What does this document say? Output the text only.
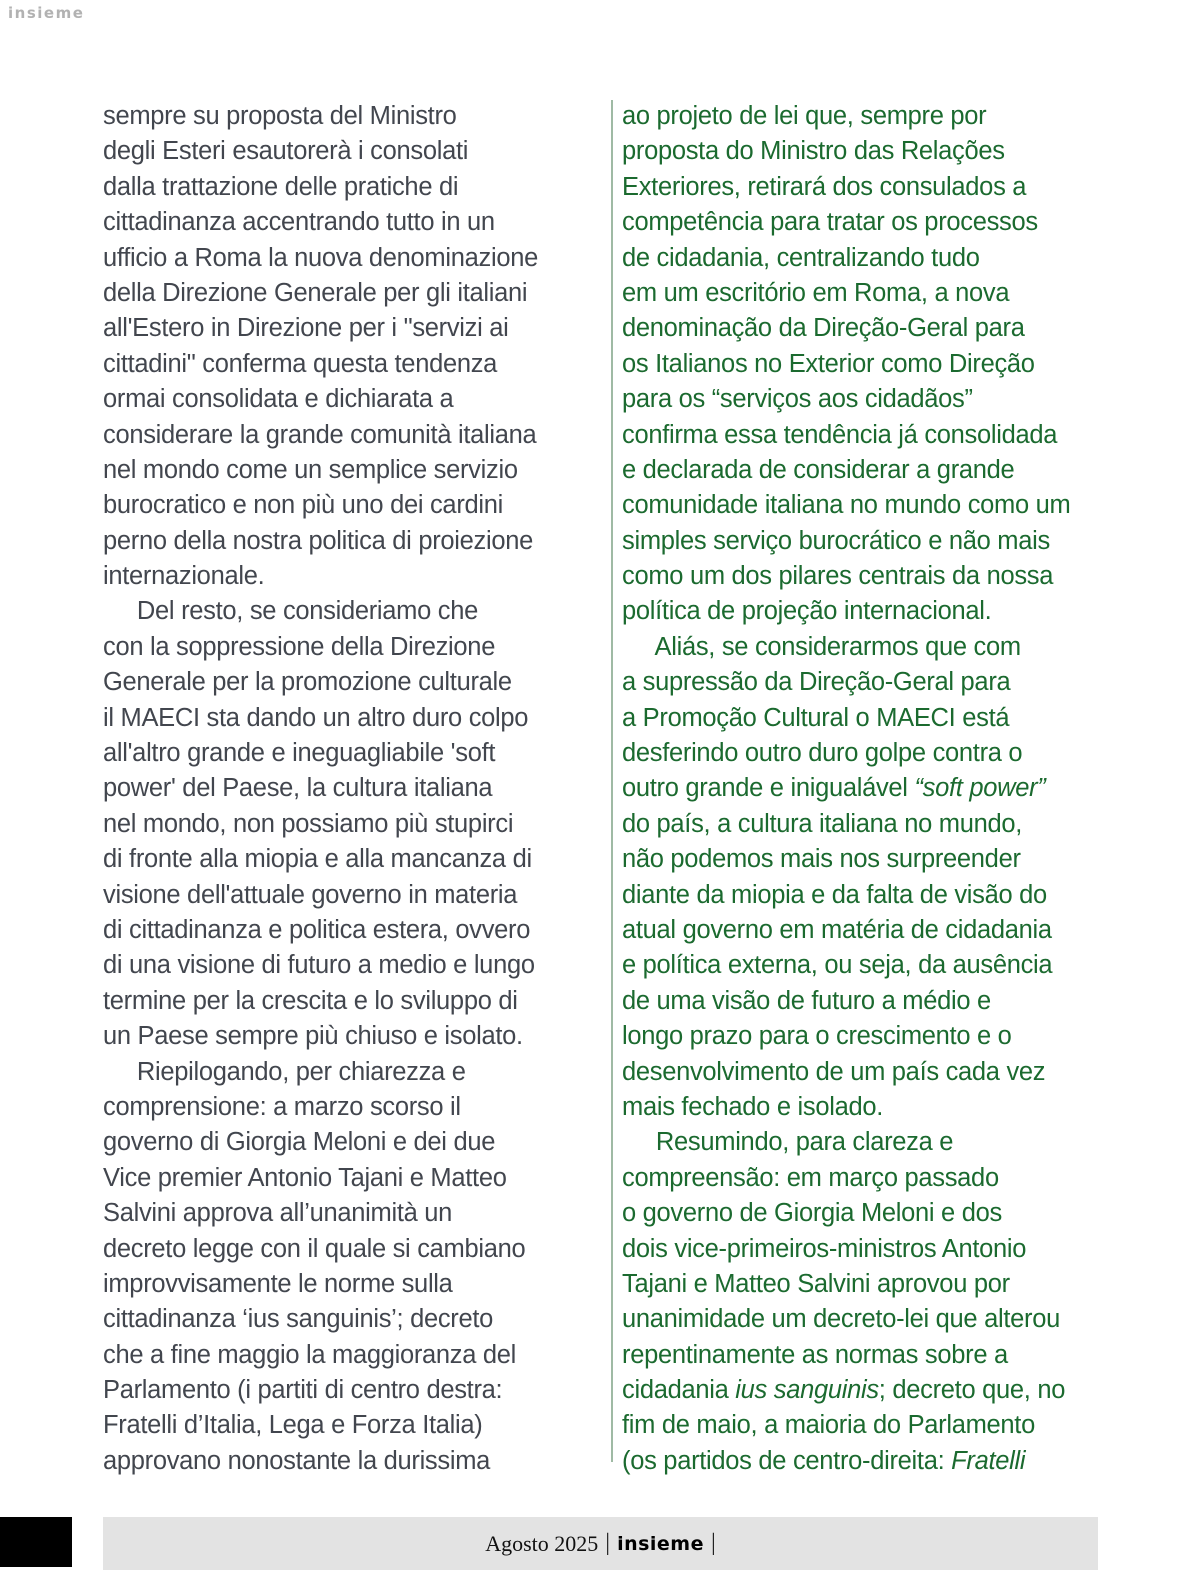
insieme
sempre su proposta del Ministro
degli Esteri esautorerà i consolati
dalla trattazione delle pratiche di
cittadinanza accentrando tutto in un
ufficio a Roma la nuova denominazione
della Direzione Generale per gli italiani
all'Estero in Direzione per i "servizi ai
cittadini" conferma questa tendenza
ormai consolidata e dichiarata a
considerare la grande comunità italiana
nel mondo come un semplice servizio
burocratico e non più uno dei cardini
perno della nostra politica di proiezione
internazionale.
Del resto, se consideriamo che
con la soppressione della Direzione
Generale per la promozione culturale
il MAECI sta dando un altro duro colpo
all'altro grande e ineguagliabile 'soft
power' del Paese, la cultura italiana
nel mondo, non possiamo più stupirci
di fronte alla miopia e alla mancanza di
visione dell'attuale governo in materia
di cittadinanza e politica estera, ovvero
di una visione di futuro a medio e lungo
termine per la crescita e lo sviluppo di
un Paese sempre più chiuso e isolato.
Riepilogando, per chiarezza e
comprensione: a marzo scorso il
governo di Giorgia Meloni e dei due
Vice premier Antonio Tajani e Matteo
Salvini approva all’unanimità un
decreto legge con il quale si cambiano
improvvisamente le norme sulla
cittadinanza ‘ius sanguinis’; decreto
che a fine maggio la maggioranza del
Parlamento (i partiti di centro destra:
Fratelli d’Italia, Lega e Forza Italia)
approvano nonostante la durissima
ao projeto de lei que, sempre por
proposta do Ministro das Relações
Exteriores, retirará dos consulados a
competência para tratar os processos
de cidadania, centralizando tudo
em um escritório em Roma, a nova
denominação da Direção-Geral para
os Italianos no Exterior como Direção
para os “serviços aos cidadãos”
confirma essa tendência já consolidada
e declarada de considerar a grande
comunidade italiana no mundo como um
simples serviço burocrático e não mais
como um dos pilares centrais da nossa
política de projeção internacional.
Aliás, se considerarmos que com
a supressão da Direção-Geral para
a Promoção Cultural o MAECI está
desferindo outro duro golpe contra o
outro grande e inigualável “soft power”
do país, a cultura italiana no mundo,
não podemos mais nos surpreender
diante da miopia e da falta de visão do
atual governo em matéria de cidadania
e política externa, ou seja, da ausência
de uma visão de futuro a médio e
longo prazo para o crescimento e o
desenvolvimento de um país cada vez
mais fechado e isolado.
Resumindo, para clareza e
compreensão: em março passado
o governo de Giorgia Meloni e dos
dois vice-primeiros-ministros Antonio
Tajani e Matteo Salvini aprovou por
unanimidade um decreto-lei que alterou
repentinamente as normas sobre a
cidadania ius sanguinis; decreto que, no
fim de maio, a maioria do Parlamento
(os partidos de centro-direita: Fratelli
Agosto 2025 | insieme |
